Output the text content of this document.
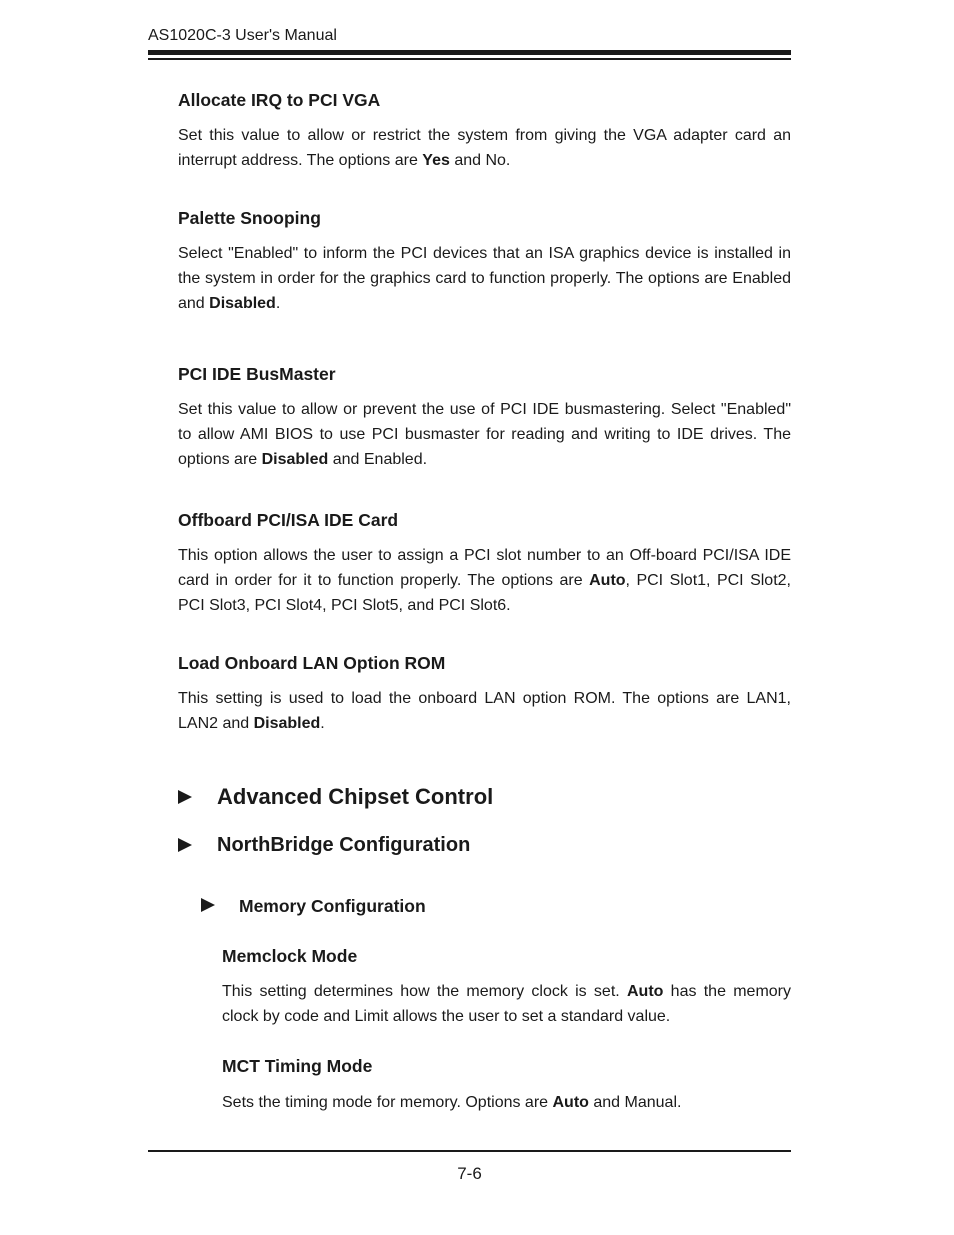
AS1020C-3 User's Manual
Allocate IRQ to PCI VGA
Set this value to allow or restrict the system from giving the VGA adapter card an interrupt address. The options are Yes and No.
Palette Snooping
Select "Enabled" to inform the PCI devices that an ISA graphics device is installed in the system in order for the graphics card to function properly. The options are Enabled and Disabled.
PCI IDE BusMaster
Set this value to allow or prevent the use of PCI IDE busmastering. Select "Enabled" to allow AMI BIOS to use PCI busmaster for reading and writing to IDE drives. The options are Disabled and Enabled.
Offboard PCI/ISA IDE Card
This option allows the user to assign a PCI slot number to an Off-board PCI/ISA IDE card in order for it to function properly. The options are Auto, PCI Slot1, PCI Slot2, PCI Slot3, PCI Slot4, PCI Slot5, and PCI Slot6.
Load Onboard LAN Option ROM
This setting is used to load the onboard LAN option ROM. The options are LAN1, LAN2 and Disabled.
Advanced Chipset Control
NorthBridge Configuration
Memory Configuration
Memclock Mode
This setting determines how the memory clock is set. Auto has the memory clock by code and Limit allows the user to set a standard value.
MCT Timing Mode
Sets the timing mode for memory. Options are Auto and Manual.
7-6
